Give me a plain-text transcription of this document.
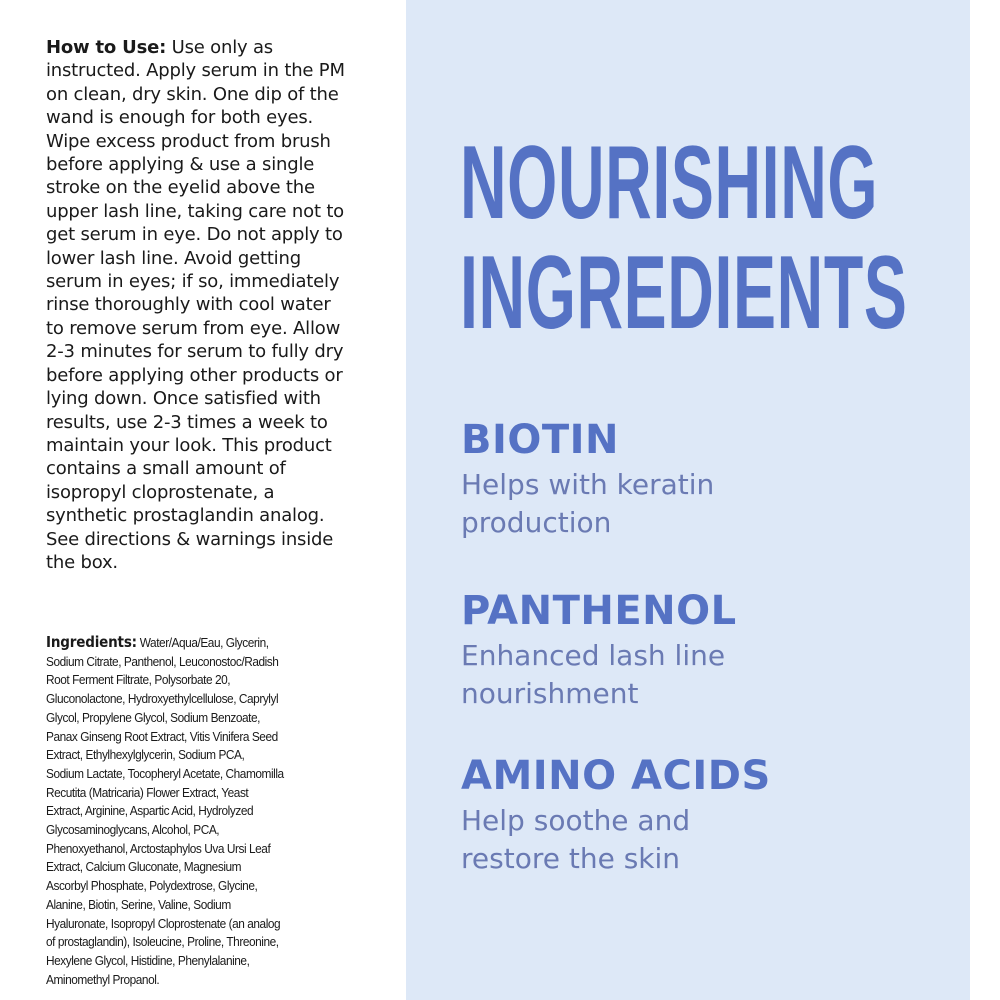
How to Use: Use only as instructed. Apply serum in the PM on clean, dry skin. One dip of the wand is enough for both eyes. Wipe excess product from brush before applying & use a single stroke on the eyelid above the upper lash line, taking care not to get serum in eye. Do not apply to lower lash line. Avoid getting serum in eyes; if so, immediately rinse thoroughly with cool water to remove serum from eye. Allow 2-3 minutes for serum to fully dry before applying other products or lying down. Once satisfied with results, use 2-3 times a week to maintain your look. This product contains a small amount of isopropyl cloprostenate, a synthetic prostaglandin analog. See directions & warnings inside the box.

Ingredients: Water/Aqua/Eau, Glycerin, Sodium Citrate, Panthenol, Leuconostoc/Radish Root Ferment Filtrate, Polysorbate 20, Gluconolactone, Hydroxyethylcellulose, Caprylyl Glycol, Propylene Glycol, Sodium Benzoate, Panax Ginseng Root Extract, Vitis Vinifera Seed Extract, Ethylhexylglycerin, Sodium PCA, Sodium Lactate, Tocopheryl Acetate, Chamomilla Recutita (Matricaria) Flower Extract, Yeast Extract, Arginine, Aspartic Acid, Hydrolyzed Glycosaminoglycans, Alcohol, PCA, Phenoxyethanol, Arctostaphylos Uva Ursi Leaf Extract, Calcium Gluconate, Magnesium Ascorbyl Phosphate, Polydextrose, Glycine, Alanine, Biotin, Serine, Valine, Sodium Hyaluronate, Isopropyl Cloprostenate (an analog of prostaglandin), Isoleucine, Proline, Threonine, Hexylene Glycol, Histidine, Phenylalanine, Aminomethyl Propanol.

NOURISHING
INGREDIENTS
BIOTIN
Helps with keratin production
PANTHENOL
Enhanced lash line nourishment
AMINO ACIDS
Help soothe and restore the skin
